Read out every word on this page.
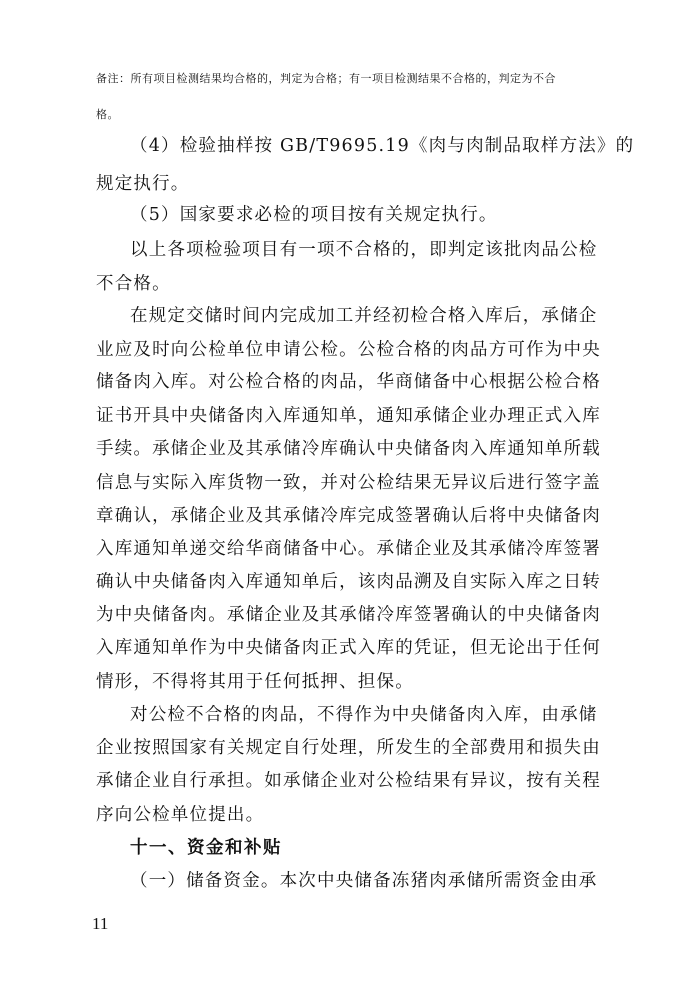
备注：所有项目检测结果均合格的，判定为合格；有一项目检测结果不合格的，判定为不合
格。
（4）检验抽样按 GB/T9695.19《肉与肉制品取样方法》的
规定执行。
（5）国家要求必检的项目按有关规定执行。
以上各项检验项目有一项不合格的，即判定该批肉品公检
不合格。
在规定交储时间内完成加工并经初检合格入库后，承储企
业应及时向公检单位申请公检。公检合格的肉品方可作为中央
储备肉入库。对公检合格的肉品，华商储备中心根据公检合格
证书开具中央储备肉入库通知单，通知承储企业办理正式入库
手续。承储企业及其承储冷库确认中央储备肉入库通知单所载
信息与实际入库货物一致，并对公检结果无异议后进行签字盖
章确认，承储企业及其承储冷库完成签署确认后将中央储备肉
入库通知单递交给华商储备中心。承储企业及其承储冷库签署
确认中央储备肉入库通知单后，该肉品溯及自实际入库之日转
为中央储备肉。承储企业及其承储冷库签署确认的中央储备肉
入库通知单作为中央储备肉正式入库的凭证，但无论出于任何
情形，不得将其用于任何抵押、担保。
对公检不合格的肉品，不得作为中央储备肉入库，由承储
企业按照国家有关规定自行处理，所发生的全部费用和损失由
承储企业自行承担。如承储企业对公检结果有异议，按有关程
序向公检单位提出。
十一、资金和补贴
（一）储备资金。本次中央储备冻猪肉承储所需资金由承
11
